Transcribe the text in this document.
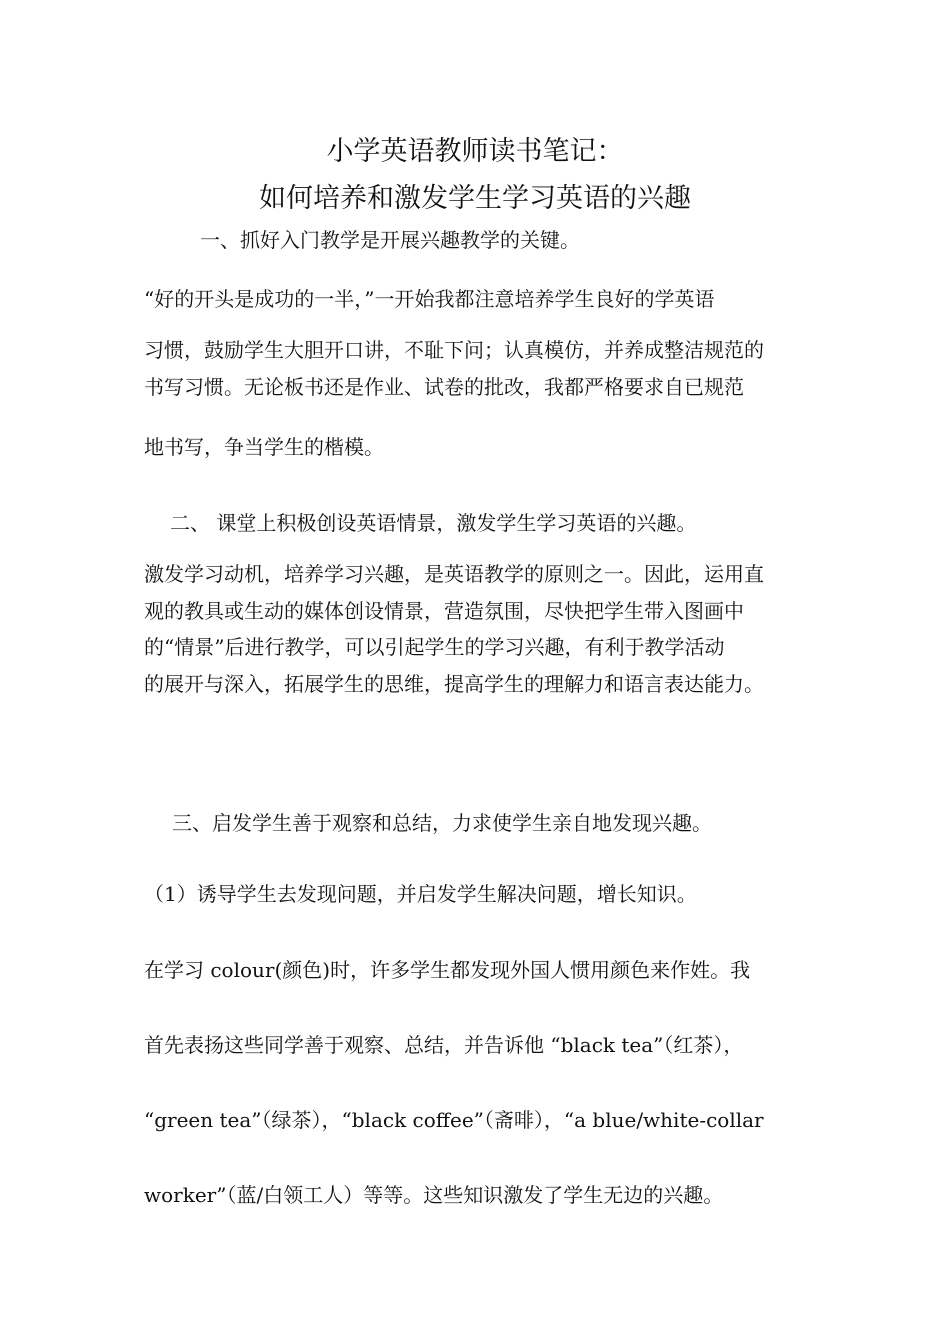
小学英语教师读书笔记：
如何培养和激发学生学习英语的兴趣
一、抓好入门教学是开展兴趣教学的关键。
“好的开头是成功的一半，”一开始我都注意培养学生良好的学英语
习惯，鼓励学生大胆开口讲，不耻下问；认真模仿，并养成整洁规范的
书写习惯。无论板书还是作业、试卷的批改，我都严格要求自已规范
地书写，争当学生的楷模。
二、 课堂上积极创设英语情景，激发学生学习英语的兴趣。
激发学习动机，培养学习兴趣，是英语教学的原则之一。因此，运用直
观的教具或生动的媒体创设情景，营造氛围，尽快把学生带入图画中
的“情景”后进行教学，可以引起学生的学习兴趣，有利于教学活动
的展开与深入，拓展学生的思维，提高学生的理解力和语言表达能力。
三、启发学生善于观察和总结，力求使学生亲自地发现兴趣。
（1）诱导学生去发现问题，并启发学生解决问题，增长知识。
在学习 colour(颜色)时，许多学生都发现外国人惯用颜色来作姓。我
首先表扬这些同学善于观察、总结，并告诉他 “black tea”（红茶），
“green tea”（绿茶），“black coffee”（斋啡），“a blue/white-collar
worker”（蓝/白领工人）等等。这些知识激发了学生无边的兴趣。
